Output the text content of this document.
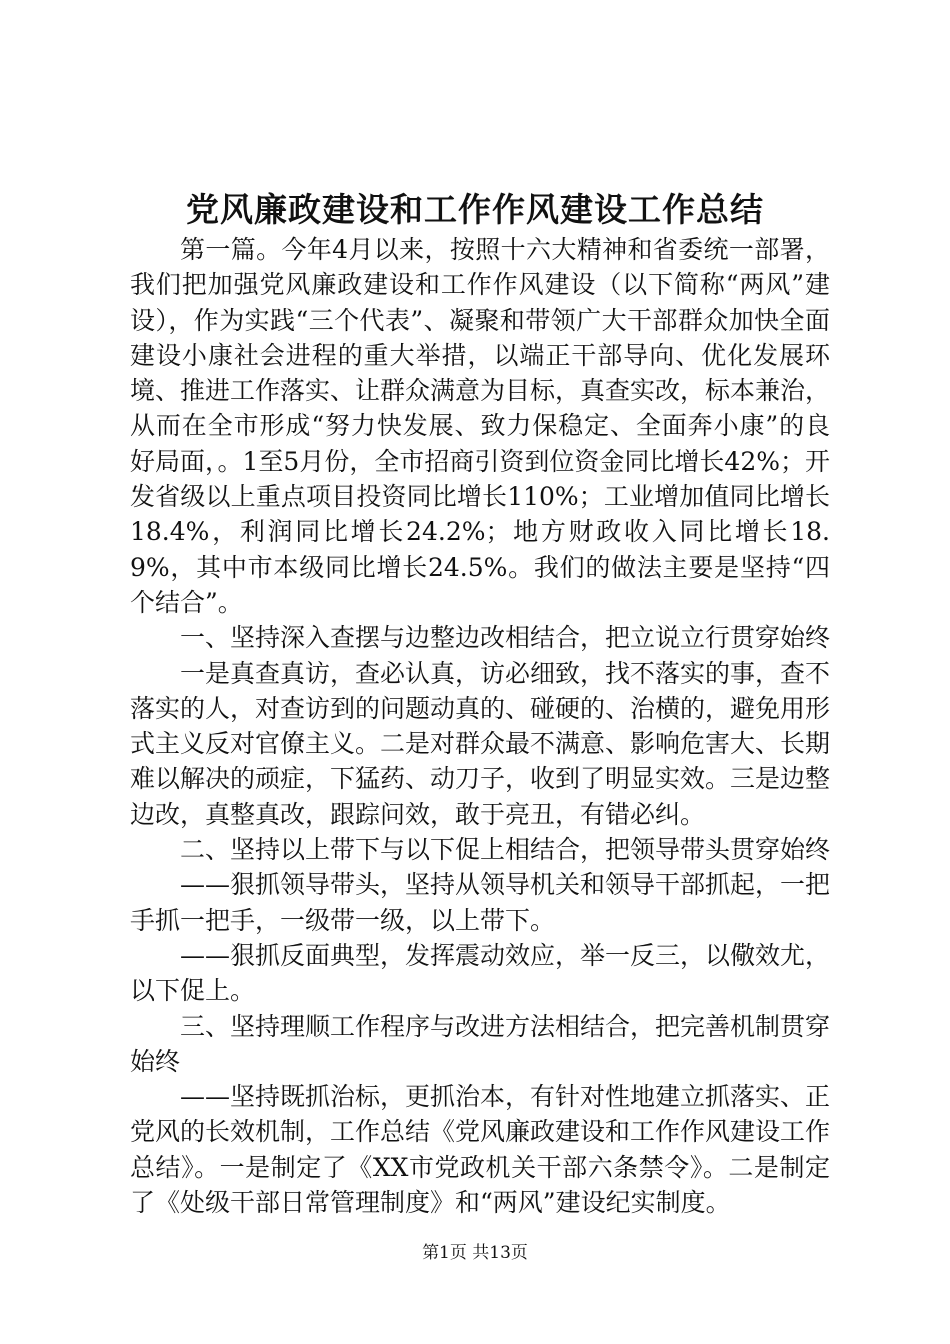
党风廉政建设和工作作风建设工作总结

第一篇。今年4月以来，按照十六大精神和省委统一部署，我们把加强党风廉政建设和工作作风建设（以下简称“两风”建设），作为实践“三个代表”、凝聚和带领广大干部群众加快全面建设小康社会进程的重大举措，以端正干部导向、优化发展环境、推进工作落实、让群众满意为目标，真查实改，标本兼治，从而在全市形成“努力快发展、致力保稳定、全面奔小康”的良好局面，。1至5月份，全市招商引资到位资金同比增长42%；开发省级以上重点项目投资同比增长110%；工业增加值同比增长18.4%，利润同比增长24.2%；地方财政收入同比增长18.9%，其中市本级同比增长24.5%。我们的做法主要是坚持“四个结合”。

一、坚持深入查摆与边整边改相结合，把立说立行贯穿始终

一是真查真访，查必认真，访必细致，找不落实的事，查不落实的人，对查访到的问题动真的、碰硬的、治横的，避免用形式主义反对官僚主义。二是对群众最不满意、影响危害大、长期难以解决的顽症，下猛药、动刀子，收到了明显实效。三是边整边改，真整真改，跟踪问效，敢于亮丑，有错必纠。

二、坚持以上带下与以下促上相结合，把领导带头贯穿始终

——狠抓领导带头，坚持从领导机关和领导干部抓起，一把手抓一把手，一级带一级，以上带下。

——狠抓反面典型，发挥震动效应，举一反三，以儆效尤，以下促上。

三、坚持理顺工作程序与改进方法相结合，把完善机制贯穿始终

——坚持既抓治标，更抓治本，有针对性地建立抓落实、正党风的长效机制，工作总结《党风廉政建设和工作作风建设工作总结》。一是制定了《XX市党政机关干部六条禁令》。二是制定了《处级干部日常管理制度》和“两风”建设纪实制度。

第1页 共13页
